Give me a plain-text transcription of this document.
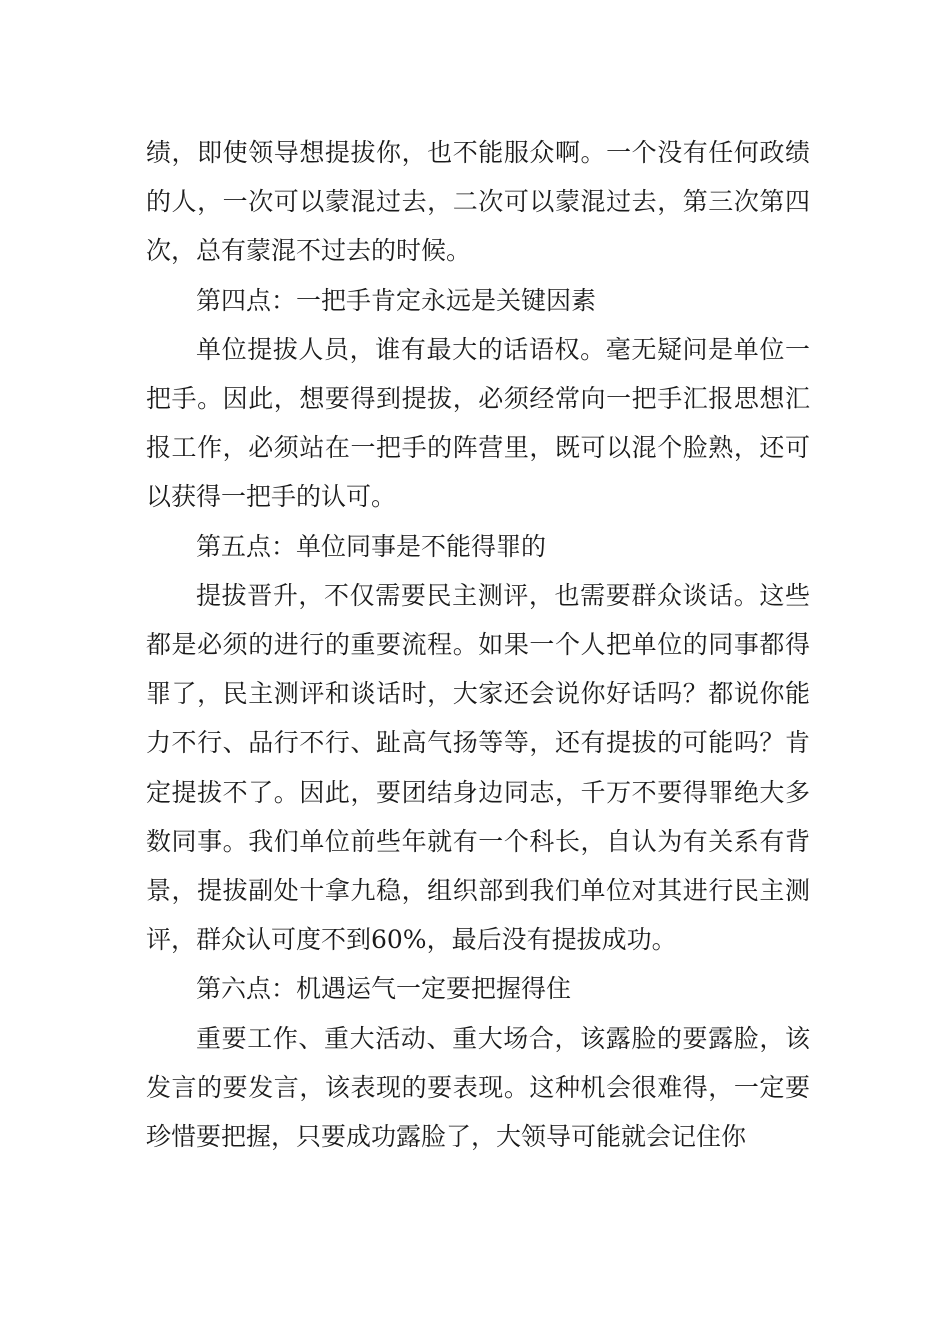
绩，即使领导想提拔你，也不能服众啊。一个没有任何政绩的人，一次可以蒙混过去，二次可以蒙混过去，第三次第四次，总有蒙混不过去的时候。

第四点：一把手肯定永远是关键因素

单位提拔人员，谁有最大的话语权。毫无疑问是单位一把手。因此，想要得到提拔，必须经常向一把手汇报思想汇报工作，必须站在一把手的阵营里，既可以混个脸熟，还可以获得一把手的认可。

第五点：单位同事是不能得罪的

提拔晋升，不仅需要民主测评，也需要群众谈话。这些都是必须的进行的重要流程。如果一个人把单位的同事都得罪了，民主测评和谈话时，大家还会说你好话吗？都说你能力不行、品行不行、趾高气扬等等，还有提拔的可能吗？肯定提拔不了。因此，要团结身边同志，千万不要得罪绝大多数同事。我们单位前些年就有一个科长，自认为有关系有背景，提拔副处十拿九稳，组织部到我们单位对其进行民主测评，群众认可度不到60%，最后没有提拔成功。

第六点：机遇运气一定要把握得住

重要工作、重大活动、重大场合，该露脸的要露脸，该发言的要发言，该表现的要表现。这种机会很难得，一定要珍惜要把握，只要成功露脸了，大领导可能就会记住你
